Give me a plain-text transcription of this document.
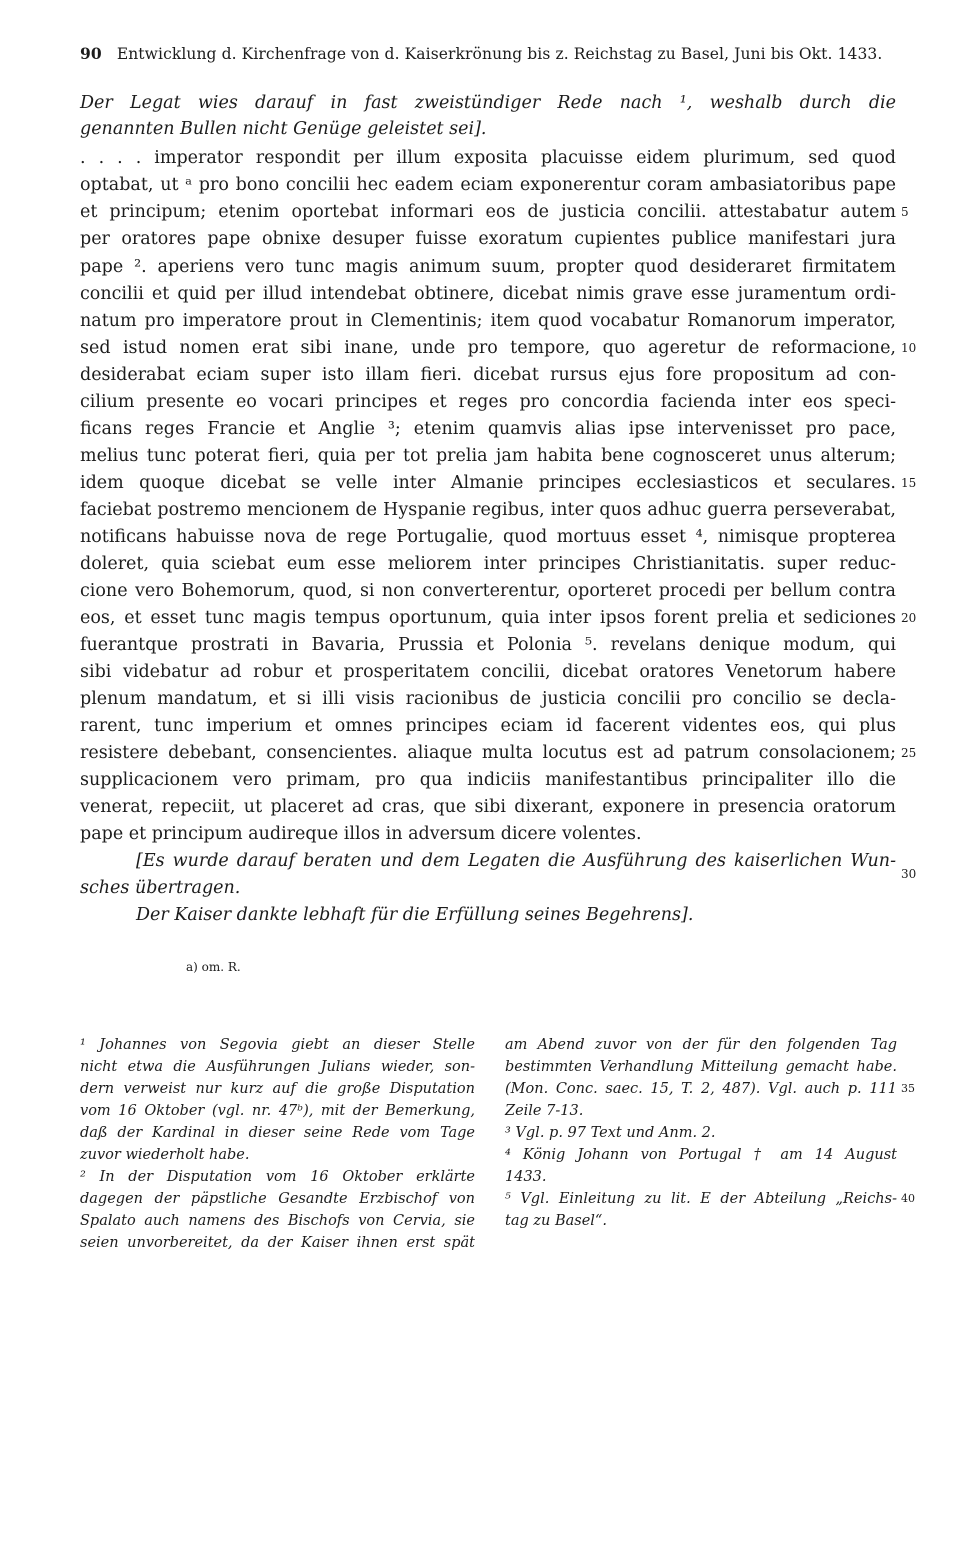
90 Entwicklung d. Kirchenfrage von d. Kaiserkrönung bis z. Reichstag zu Basel, Juni bis Okt. 1433.
Der Legat wies darauf in fast zweistündiger Rede nach ¹, weshalb durch die
genannten Bullen nicht Genüge geleistet sei].
. . . . imperator respondit per illum exposita placuisse eidem plurimum, sed quod
optabat, ut ᵃ pro bono concilii hec eadem eciam exponerentur coram ambasiatoribus pape
et principum; etenim oportebat informari eos de justicia concilii. attestabatur autem
per oratores pape obnixe desuper fuisse exoratum cupientes publice manifestari jura
pape ². aperiens vero tunc magis animum suum, propter quod desideraret firmitatem
concilii et quid per illud intendebat obtinere, dicebat nimis grave esse juramentum ordi-
natum pro imperatore prout in Clementinis; item quod vocabatur Romanorum imperator,
sed istud nomen erat sibi inane, unde pro tempore, quo ageretur de reformacione,
desiderabat eciam super isto illam fieri. dicebat rursus ejus fore propositum ad con-
cilium presente eo vocari principes et reges pro concordia facienda inter eos speci-
ficans reges Francie et Anglie ³; etenim quamvis alias ipse intervenisset pro pace,
melius tunc poterat fieri, quia per tot prelia jam habita bene cognosceret unus alterum;
idem quoque dicebat se velle inter Almanie principes ecclesiasticos et seculares.
faciebat postremo mencionem de Hyspanie regibus, inter quos adhuc guerra perseverabat,
notificans habuisse nova de rege Portugalie, quod mortuus esset ⁴, nimisque propterea
doleret, quia sciebat eum esse meliorem inter principes Christianitatis. super reduc-
cione vero Bohemorum, quod, si non converterentur, oporteret procedi per bellum contra
eos, et esset tunc magis tempus oportunum, quia inter ipsos forent prelia et sediciones
fuerantque prostrati in Bavaria, Prussia et Polonia ⁵. revelans denique modum, qui
sibi videbatur ad robur et prosperitatem concilii, dicebat oratores Venetorum habere
plenum mandatum, et si illi visis racionibus de justicia concilii pro concilio se decla-
rarent, tunc imperium et omnes principes eciam id facerent videntes eos, qui plus
resistere debebant, consencientes. aliaque multa locutus est ad patrum consolacionem;
supplicacionem vero primam, pro qua indiciis manifestantibus principaliter illo die
venerat, repeciit, ut placeret ad cras, que sibi dixerant, exponere in presencia oratorum
pape et principum audireque illos in adversum dicere volentes.
[Es wurde darauf beraten und dem Legaten die Ausführung des kaiserlichen Wun-
sches übertragen.
Der Kaiser dankte lebhaft für die Erfüllung seines Begehrens].
5
10
15
20
25
30
a) om. R.
¹ Johannes von Segovia giebt an dieser Stelle
nicht etwa die Ausführungen Julians wieder, son-
dern verweist nur kurz auf die große Disputation
vom 16 Oktober (vgl. nr. 47ᵇ), mit der Bemerkung,
daß der Kardinal in dieser seine Rede vom Tage
zuvor wiederholt habe.
² In der Disputation vom 16 Oktober erklärte
dagegen der päpstliche Gesandte Erzbischof von
Spalato auch namens des Bischofs von Cervia, sie
seien unvorbereitet, da der Kaiser ihnen erst spät
am Abend zuvor von der für den folgenden Tag
bestimmten Verhandlung Mitteilung gemacht habe.
(Mon. Conc. saec. 15, T. 2, 487). Vgl. auch p. 111
Zeile 7-13.
³ Vgl. p. 97 Text und Anm. 2.
⁴ König Johann von Portugal † am 14 August
1433.
⁵ Vgl. Einleitung zu lit. E der Abteilung „Reichs-
tag zu Basel“.
35
40
